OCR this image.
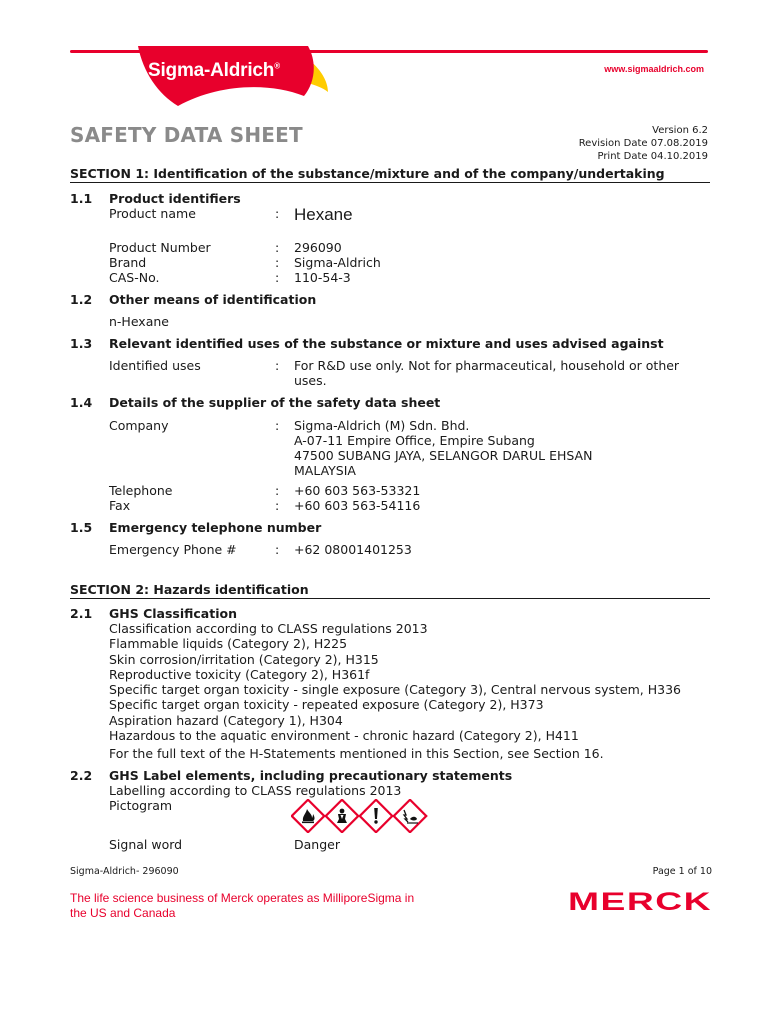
Sigma-Aldrich®	www.sigmaaldrich.com
SAFETY DATA SHEET	Version 6.2
Revision Date 07.08.2019
Print Date 04.10.2019
SECTION 1: Identification of the substance/mixture and of the company/undertaking
1.1 Product identifiers
Product name	: Hexane
Product Number	: 296090
Brand	: Sigma-Aldrich
CAS-No.	: 110-54-3
1.2 Other means of identification
n-Hexane
1.3 Relevant identified uses of the substance or mixture and uses advised against
Identified uses	: For R&D use only. Not for pharmaceutical, household or other
uses.
1.4 Details of the supplier of the safety data sheet
Company	: Sigma-Aldrich (M) Sdn. Bhd.
A-07-11 Empire Office, Empire Subang
47500 SUBANG JAYA, SELANGOR DARUL EHSAN
MALAYSIA
Telephone	: +60 603 563-53321
Fax	: +60 603 563-54116
1.5 Emergency telephone number
Emergency Phone #	: +62 08001401253
SECTION 2: Hazards identification
2.1 GHS Classification
Classification according to CLASS regulations 2013
Flammable liquids (Category 2), H225
Skin corrosion/irritation (Category 2), H315
Reproductive toxicity (Category 2), H361f
Specific target organ toxicity - single exposure (Category 3), Central nervous system, H336
Specific target organ toxicity - repeated exposure (Category 2), H373
Aspiration hazard (Category 1), H304
Hazardous to the aquatic environment - chronic hazard (Category 2), H411
For the full text of the H-Statements mentioned in this Section, see Section 16.
2.2 GHS Label elements, including precautionary statements
Labelling according to CLASS regulations 2013
Pictogram
Signal word	Danger
Sigma-Aldrich- 296090	Page 1 of 10
The life science business of Merck operates as MilliporeSigma in
the US and Canada	MERCK
